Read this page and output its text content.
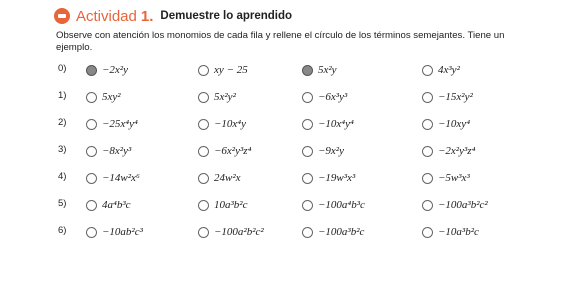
Actividad 1. Demuestre lo aprendido
Observe con atención los monomios de cada fila y rellene el círculo de los términos semejantes. Tiene un ejemplo.
0)	−2x²y	xy − 25	5x²y	4x³y²
1)	5xy²	5x²y²	−6x³y³	−15x²y²
2)	−25x⁴y⁴	−10x⁴y	−10x⁴y⁴	−10xy⁴
3)	−8x²y³	−6x²y³z⁴	−9x²y	−2x²y³z⁴
4)	−14w²x⁶	24w²x	−19w³x³	−5w³x³
5)	4a⁴b³c	10a³b²c	−100a⁴b³c	−100a³b²c²
6)	−10ab²c³	−100a²b²c²	−100a³b²c	−10a³b²c
